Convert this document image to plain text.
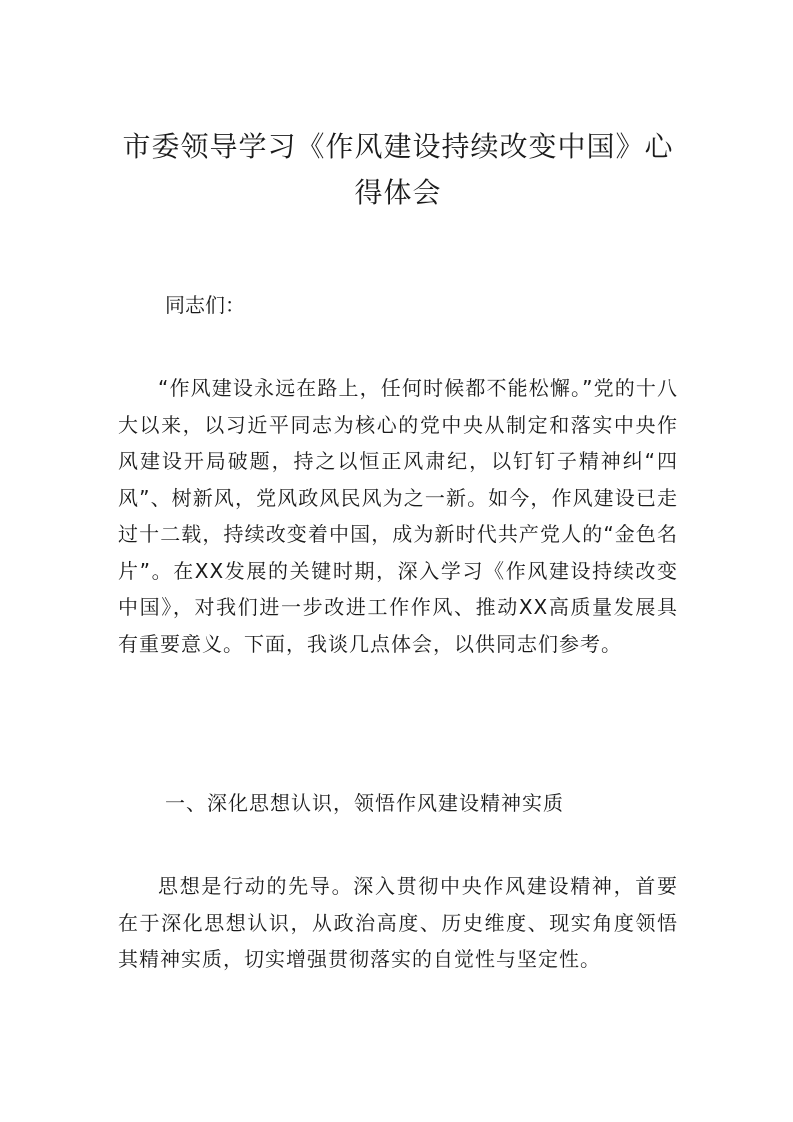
市委领导学习《作风建设持续改变中国》心得体会

同志们：

“作风建设永远在路上，任何时候都不能松懈。”党的十八大以来，以习近平同志为核心的党中央从制定和落实中央作风建设开局破题，持之以恒正风肃纪，以钉钉子精神纠“四风”、树新风，党风政风民风为之一新。如今，作风建设已走过十二载，持续改变着中国，成为新时代共产党人的“金色名片”。在XX发展的关键时期，深入学习《作风建设持续改变中国》，对我们进一步改进工作作风、推动XX高质量发展具有重要意义。下面，我谈几点体会，以供同志们参考。

一、深化思想认识，领悟作风建设精神实质

思想是行动的先导。深入贯彻中央作风建设精神，首要在于深化思想认识，从政治高度、历史维度、现实角度领悟其精神实质，切实增强贯彻落实的自觉性与坚定性。
